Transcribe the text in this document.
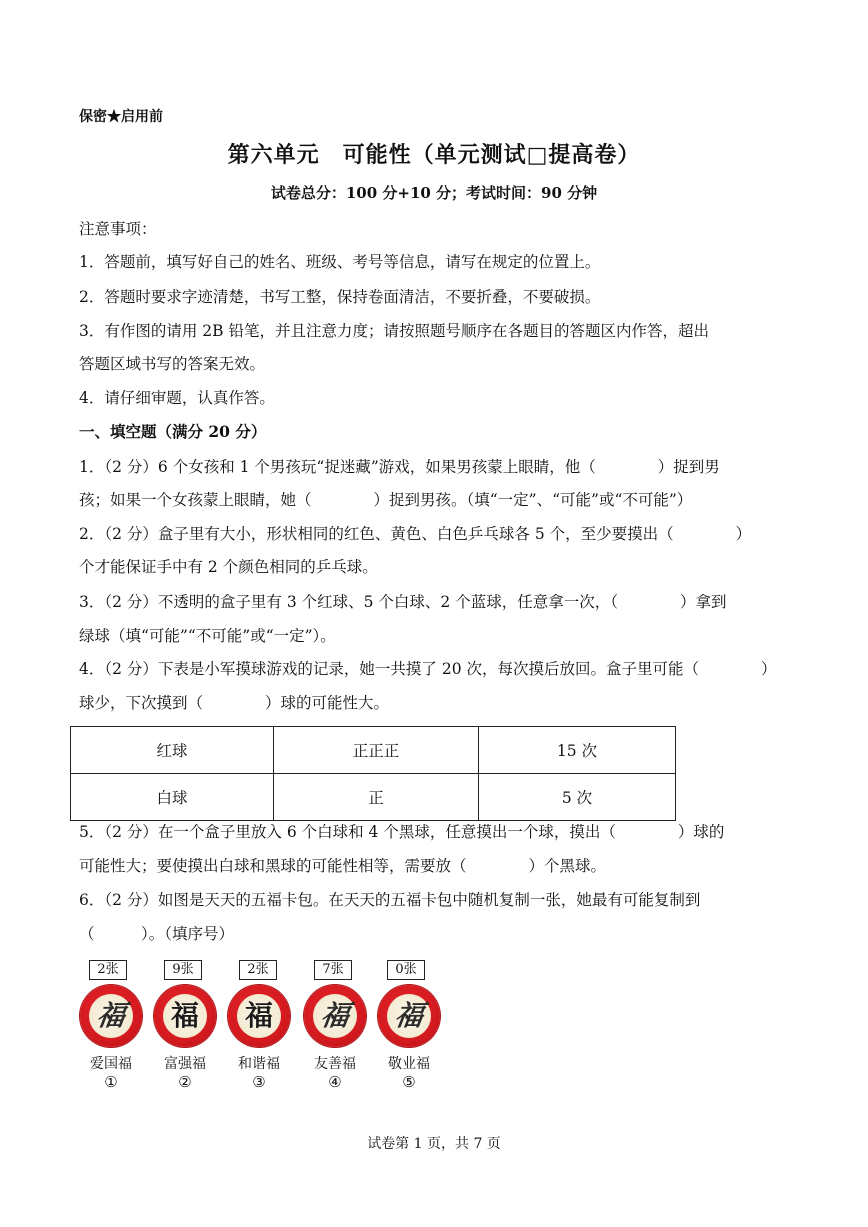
保密★启用前
第六单元　可能性（单元测试□提高卷）
试卷总分：100 分+10 分；考试时间：90 分钟
注意事项：
1．答题前，填写好自己的姓名、班级、考号等信息，请写在规定的位置上。
2．答题时要求字迹清楚，书写工整，保持卷面清洁，不要折叠，不要破损。
3．有作图的请用 2B 铅笔，并且注意力度；请按照题号顺序在各题目的答题区内作答，超出
答题区域书写的答案无效。
4．请仔细审题，认真作答。
一、填空题（满分 20 分）
1．（2 分）6 个女孩和 1 个男孩玩“捉迷藏”游戏，如果男孩蒙上眼睛，他（　　　　）捉到男
孩；如果一个女孩蒙上眼睛，她（　　　　）捉到男孩。（填“一定”、“可能”或“不可能”）
2．（2 分）盒子里有大小，形状相同的红色、黄色、白色乒乓球各 5 个，至少要摸出（　　　　）
个才能保证手中有 2 个颜色相同的乒乓球。
3．（2 分）不透明的盒子里有 3 个红球、5 个白球、2 个蓝球，任意拿一次，（　　　　）拿到
绿球（填“可能”“不可能”或“一定”）。
4．（2 分）下表是小军摸球游戏的记录，她一共摸了 20 次，每次摸后放回。盒子里可能（　　　　）
球少，下次摸到（　　　　）球的可能性大。
红球	正正正	15 次
白球	正	5 次
5．（2 分）在一个盒子里放入 6 个白球和 4 个黑球，任意摸出一个球，摸出（　　　　）球的
可能性大；要使摸出白球和黑球的可能性相等，需要放（　　　　）个黑球。
6．（2 分）如图是天天的五福卡包。在天天的五福卡包中随机复制一张，她最有可能复制到
（　　　）。（填序号）
2张
福
爱国福
①
9张
福
富强福
②
2张
福
和谐福
③
7张
福
友善福
④
0张
福
敬业福
⑤
试卷第 1 页，共 7 页
